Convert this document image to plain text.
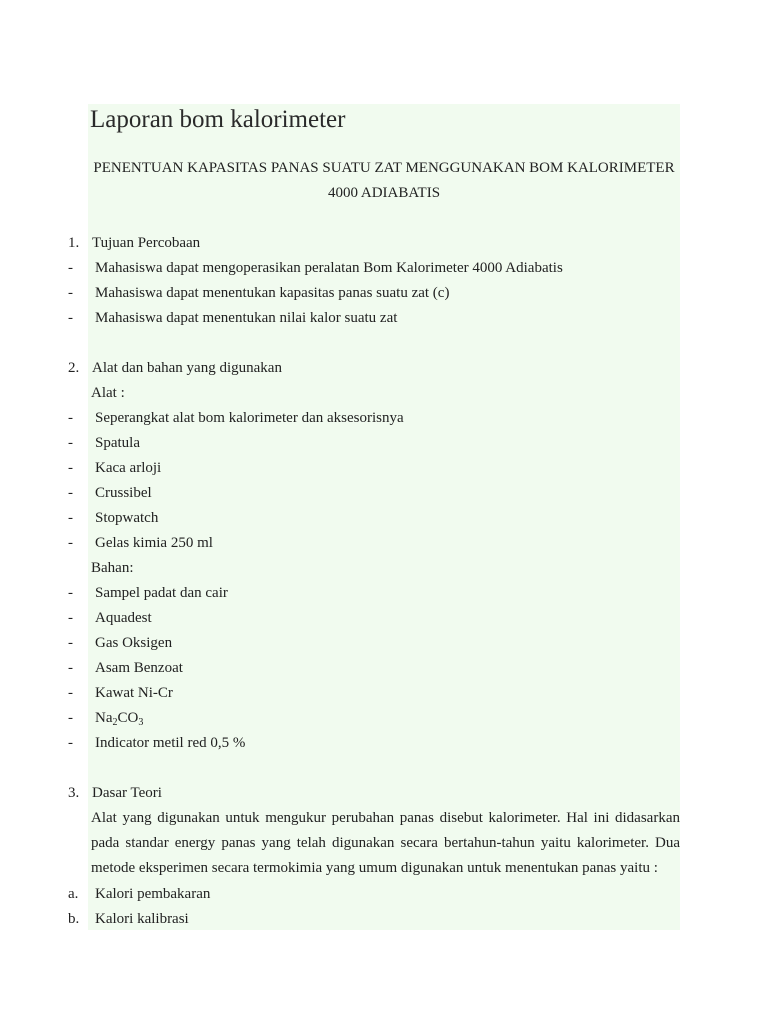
Laporan bom kalorimeter

PENENTUAN KAPASITAS PANAS SUATU ZAT MENGGUNAKAN BOM KALORIMETER 4000 ADIABATIS

1. Tujuan Percobaan
- Mahasiswa dapat mengoperasikan peralatan Bom Kalorimeter 4000 Adiabatis
- Mahasiswa dapat menentukan kapasitas panas suatu zat (c)
- Mahasiswa dapat menentukan nilai kalor suatu zat
2. Alat dan bahan yang digunakan
Alat :
- Seperangkat alat bom kalorimeter dan aksesorisnya
- Spatula
- Kaca arloji
- Crussibel
- Stopwatch
- Gelas kimia 250 ml
Bahan:
- Sampel padat dan cair
- Aquadest
- Gas Oksigen
- Asam Benzoat
- Kawat Ni-Cr
- $Na_2CO_3$
- Indicator metil red 0,5 %
3. Dasar Teori

Alat yang digunakan untuk mengukur perubahan panas disebut kalorimeter. Hal ini didasarkan pada standar energy panas yang telah digunakan secara bertahun-tahun yaitu kalorimeter. Dua metode eksperimen secara termokimia yang umum digunakan untuk menentukan panas yaitu :

a. Kalori pembakaran
b. Kalori kalibrasi
